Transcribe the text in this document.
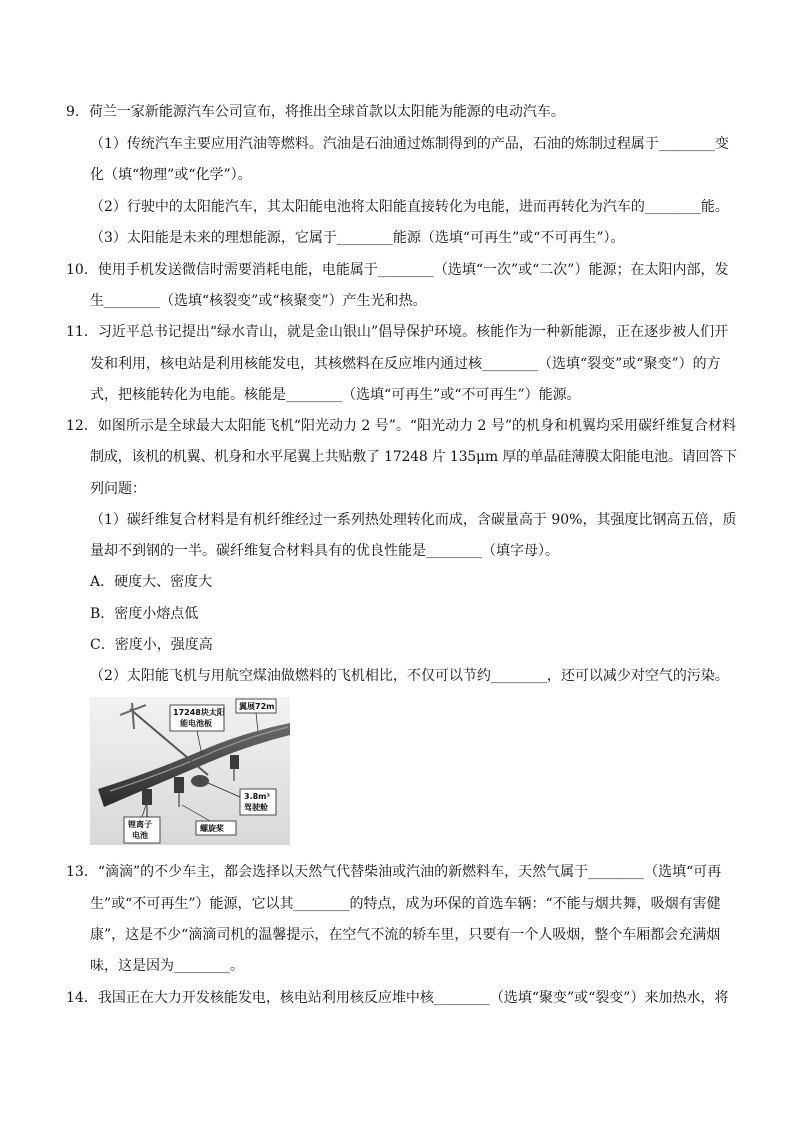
9．荷兰一家新能源汽车公司宣布，将推出全球首款以太阳能为能源的电动汽车。
（1）传统汽车主要应用汽油等燃料。汽油是石油通过炼制得到的产品，石油的炼制过程属于________变
化（填“物理”或“化学”）。
（2）行驶中的太阳能汽车，其太阳能电池将太阳能直接转化为电能，进而再转化为汽车的________能。
（3）太阳能是未来的理想能源，它属于________能源（选填“可再生”或“不可再生”）。
10．使用手机发送微信时需要消耗电能，电能属于________（选填“一次”或“二次”）能源；在太阳内部，发
生________（选填“核裂变”或“核聚变”）产生光和热。
11．习近平总书记提出“绿水青山，就是金山银山”倡导保护环境。核能作为一种新能源，正在逐步被人们开
发和利用，核电站是利用核能发电，其核燃料在反应堆内通过核________（选填“裂变”或“聚变”）的方
式，把核能转化为电能。核能是________（选填“可再生”或“不可再生”）能源。
12．如图所示是全球最大太阳能飞机“阳光动力 2 号”。“阳光动力 2 号”的机身和机翼均采用碳纤维复合材料
制成，该机的机翼、机身和水平尾翼上共贴敷了 17248 片 135μm 厚的单晶硅薄膜太阳能电池。请回答下
列问题：
（1）碳纤维复合材料是有机纤维经过一系列热处理转化而成，含碳量高于 90%，其强度比钢高五倍，质
量却不到钢的一半。碳纤维复合材料具有的优良性能是________（填字母）。
A．硬度大、密度大
B．密度小熔点低
C．密度小，强度高
（2）太阳能飞机与用航空煤油做燃料的飞机相比，不仅可以节约________，还可以减少对空气的污染。
17248块太阳
能电池板
翼展72m
3.8m³
驾驶舱
锂离子
电池
螺旋桨
13．“滴滴”的不少车主，都会选择以天然气代替柴油或汽油的新燃料车，天然气属于________（选填“可再
生”或“不可再生”）能源，它以其________的特点，成为环保的首选车辆：“不能与烟共舞，吸烟有害健
康”，这是不少“滴滴司机的温馨提示，在空气不流的轿车里，只要有一个人吸烟，整个车厢都会充满烟
味，这是因为________。
14．我国正在大力开发核能发电，核电站利用核反应堆中核________（选填“聚变”或“裂变”）来加热水，将
